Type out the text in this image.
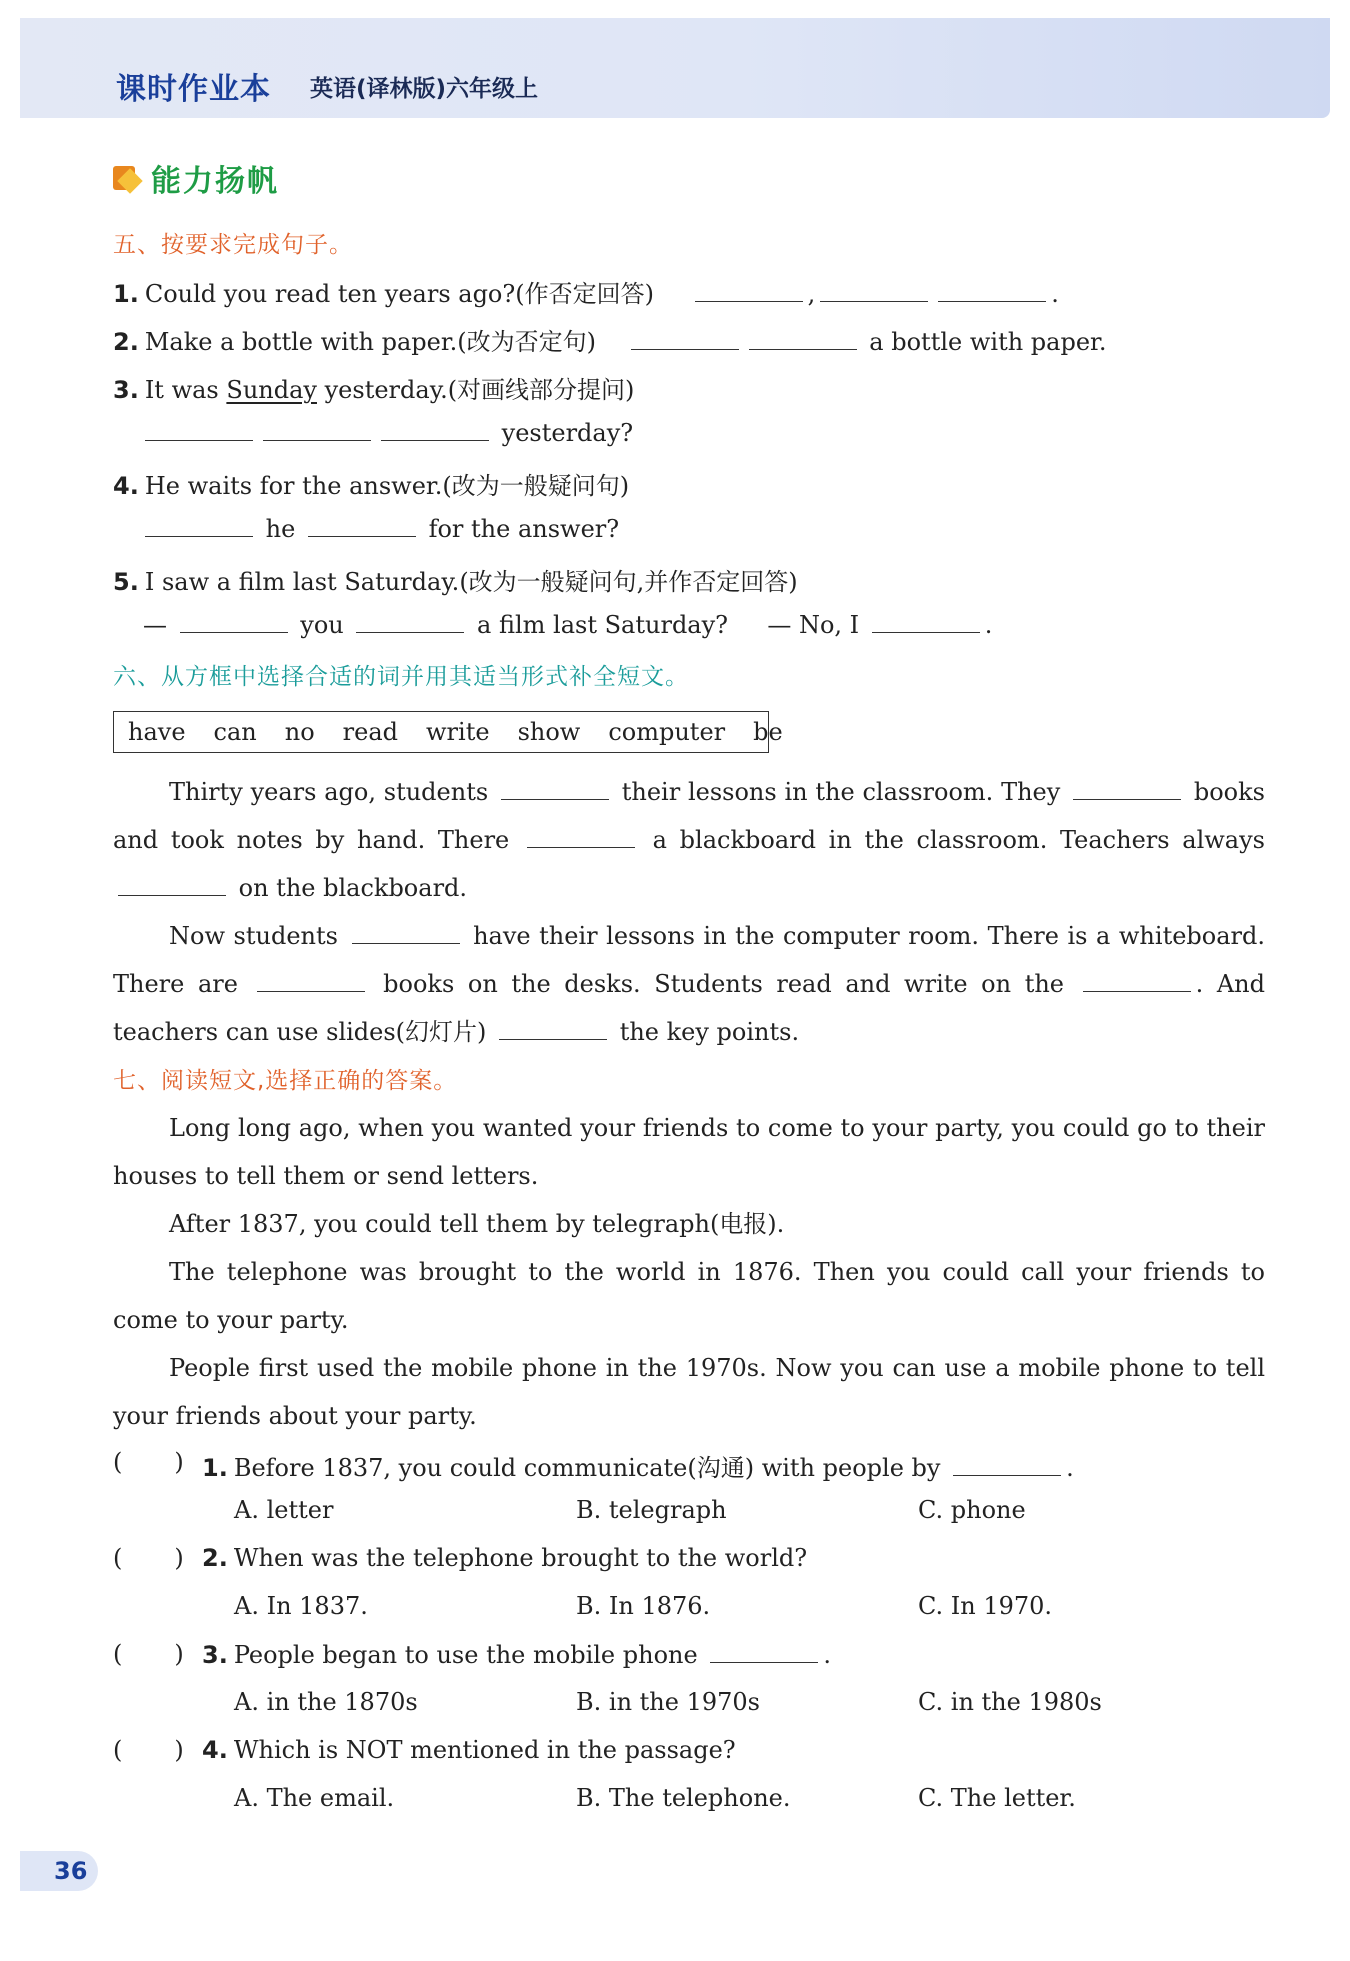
课时作业本 英语(译林版)六年级上
能力扬帆
五、按要求完成句子。
1. Could you read ten years ago?(作否定回答)	,	.
2. Make a bottle with paper.(改为否定句)	a bottle with paper.
3. It was Sunday yesterday.(对画线部分提问)
yesterday?
4. He waits for the answer.(改为一般疑问句)
he	for the answer?
5. I saw a film last Saturday.(改为一般疑问句,并作否定回答)
—	you	a film last Saturday? — No, I	.
六、从方框中选择合适的词并用其适当形式补全短文。
have can no read write show computer be
Thirty years ago, students	their lessons in the classroom. They	books and took notes by hand. There	a blackboard in the classroom. Teachers always  on the blackboard.
Now students	have their lessons in the computer room. There is a whiteboard. There are	books on the desks. Students read and write on the	. And teachers can use slides(幻灯片)	the key points.
七、阅读短文,选择正确的答案。
Long long ago, when you wanted your friends to come to your party, you could go to their houses to tell them or send letters.
After 1837, you could tell them by telegraph(电报).
The telephone was brought to the world in 1876. Then you could call your friends to come to your party.
People first used the mobile phone in the 1970s. Now you can use a mobile phone to tell your friends about your party.
( ) 1. Before 1837, you could communicate(沟通) with people by	.
A. letter	B. telegraph	C. phone
( ) 2. When was the telephone brought to the world?
A. In 1837.	B. In 1876.	C. In 1970.
( ) 3. People began to use the mobile phone	.
A. in the 1870s	B. in the 1970s	C. in the 1980s
( ) 4. Which is NOT mentioned in the passage?
A. The email.	B. The telephone.	C. The letter.
36
